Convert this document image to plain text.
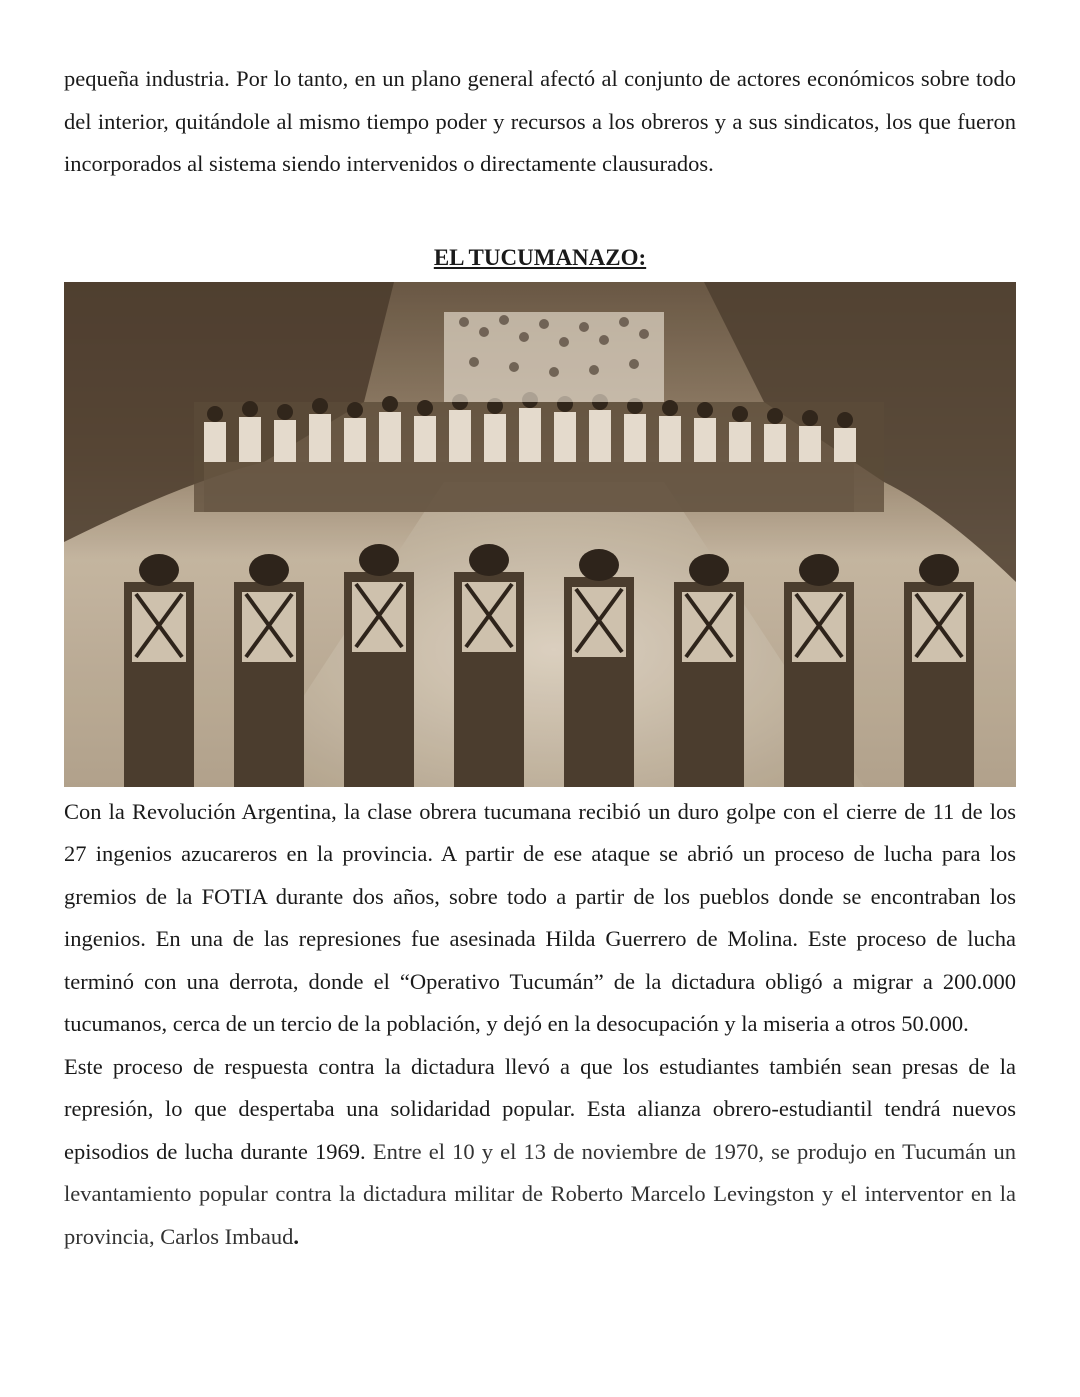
pequeña industria. Por lo tanto, en un plano general afectó al conjunto de actores económicos sobre todo del interior, quitándole al mismo tiempo poder y recursos a los obreros y a sus sindicatos, los que fueron incorporados al sistema siendo intervenidos o directamente clausurados.

EL TUCUMANAZO:

Con la Revolución Argentina, la clase obrera tucumana recibió un duro golpe con el cierre de 11 de los 27 ingenios azucareros en la provincia. A partir de ese ataque se abrió un proceso de lucha para los gremios de la FOTIA durante dos años, sobre todo a partir de los pueblos donde se encontraban los ingenios. En una de las represiones fue asesinada Hilda Guerrero de Molina. Este proceso de lucha terminó con una derrota, donde el “Operativo Tucumán” de la dictadura obligó a migrar a 200.000 tucumanos, cerca de un tercio de la población, y dejó en la desocupación y la miseria a otros 50.000.

Este proceso de respuesta contra la dictadura llevó a que los estudiantes también sean presas de la represión, lo que despertaba una solidaridad popular. Esta alianza obrero-estudiantil tendrá nuevos episodios de lucha durante 1969. Entre el 10 y el 13 de noviembre de 1970, se produjo en Tucumán un levantamiento popular contra la dictadura militar de Roberto Marcelo Levingston y el interventor en la provincia, Carlos Imbaud.
